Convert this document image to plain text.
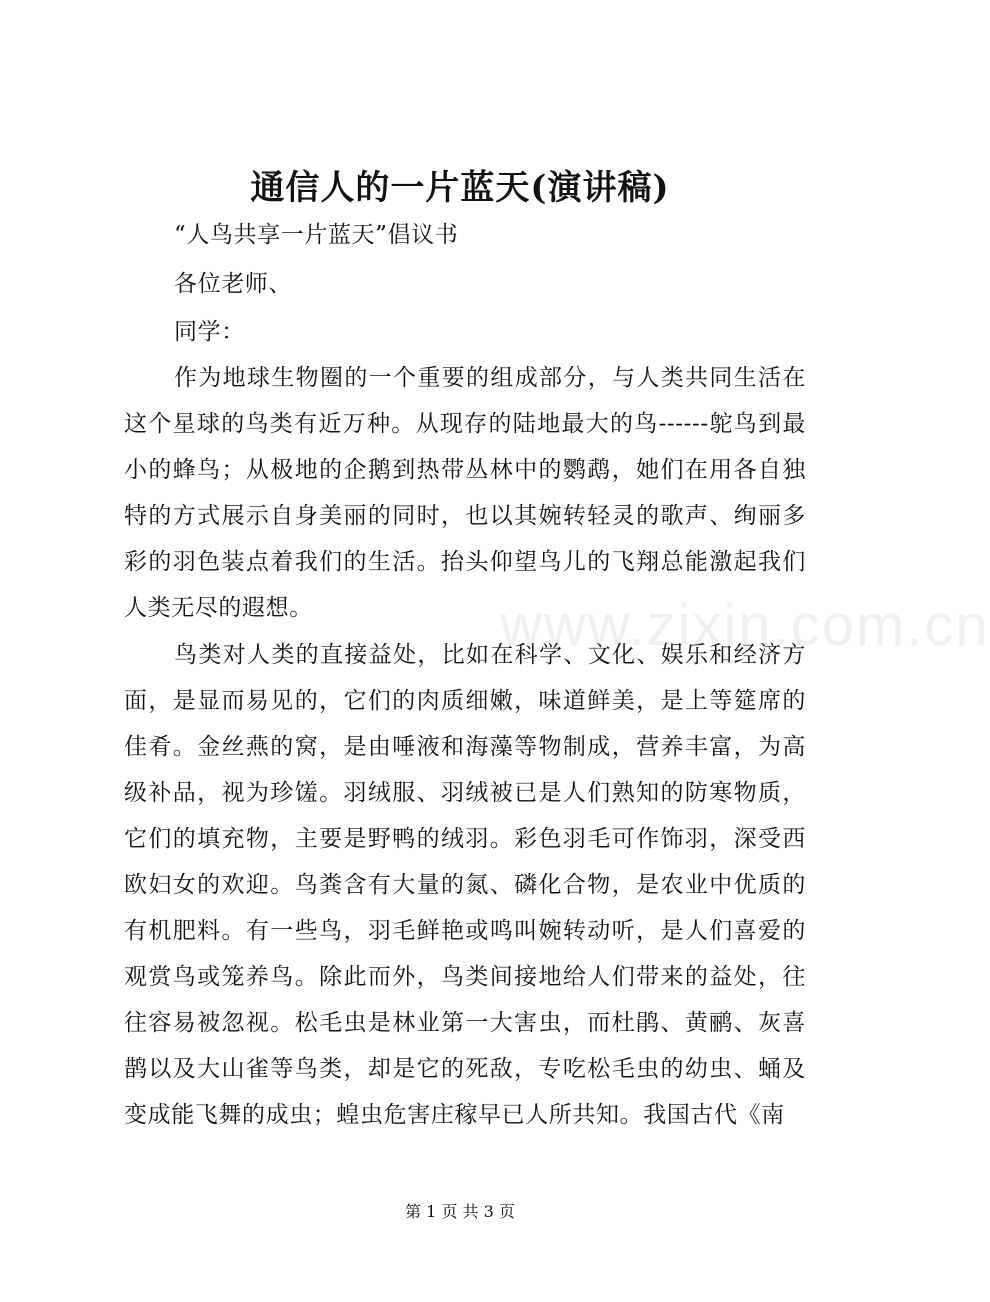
通信人的一片蓝天(演讲稿)

“人鸟共享一片蓝天”倡议书

各位老师、

同学：

作为地球生物圈的一个重要的组成部分，与人类共同生活在这个星球的鸟类有近万种。从现存的陆地最大的鸟------鸵鸟到最小的蜂鸟；从极地的企鹅到热带丛林中的鹦鹉，她们在用各自独特的方式展示自身美丽的同时，也以其婉转轻灵的歌声、绚丽多彩的羽色装点着我们的生活。抬头仰望鸟儿的飞翔总能激起我们人类无尽的遐想。

鸟类对人类的直接益处，比如在科学、文化、娱乐和经济方面，是显而易见的，它们的肉质细嫩，味道鲜美，是上等筵席的佳肴。金丝燕的窝，是由唾液和海藻等物制成，营养丰富，为高级补品，视为珍馐。羽绒服、羽绒被已是人们熟知的防寒物质，它们的填充物，主要是野鸭的绒羽。彩色羽毛可作饰羽，深受西欧妇女的欢迎。鸟粪含有大量的氮、磷化合物，是农业中优质的有机肥料。有一些鸟，羽毛鲜艳或鸣叫婉转动听，是人们喜爱的观赏鸟或笼养鸟。除此而外，鸟类间接地给人们带来的益处，往往容易被忽视。松毛虫是林业第一大害虫，而杜鹃、黄鹂、灰喜鹊以及大山雀等鸟类，却是它的死敌，专吃松毛虫的幼虫、蛹及变成能飞舞的成虫；蝗虫危害庄稼早已人所共知。我国古代《南

www.zixin.com.cn
第 1 页 共 3 页
